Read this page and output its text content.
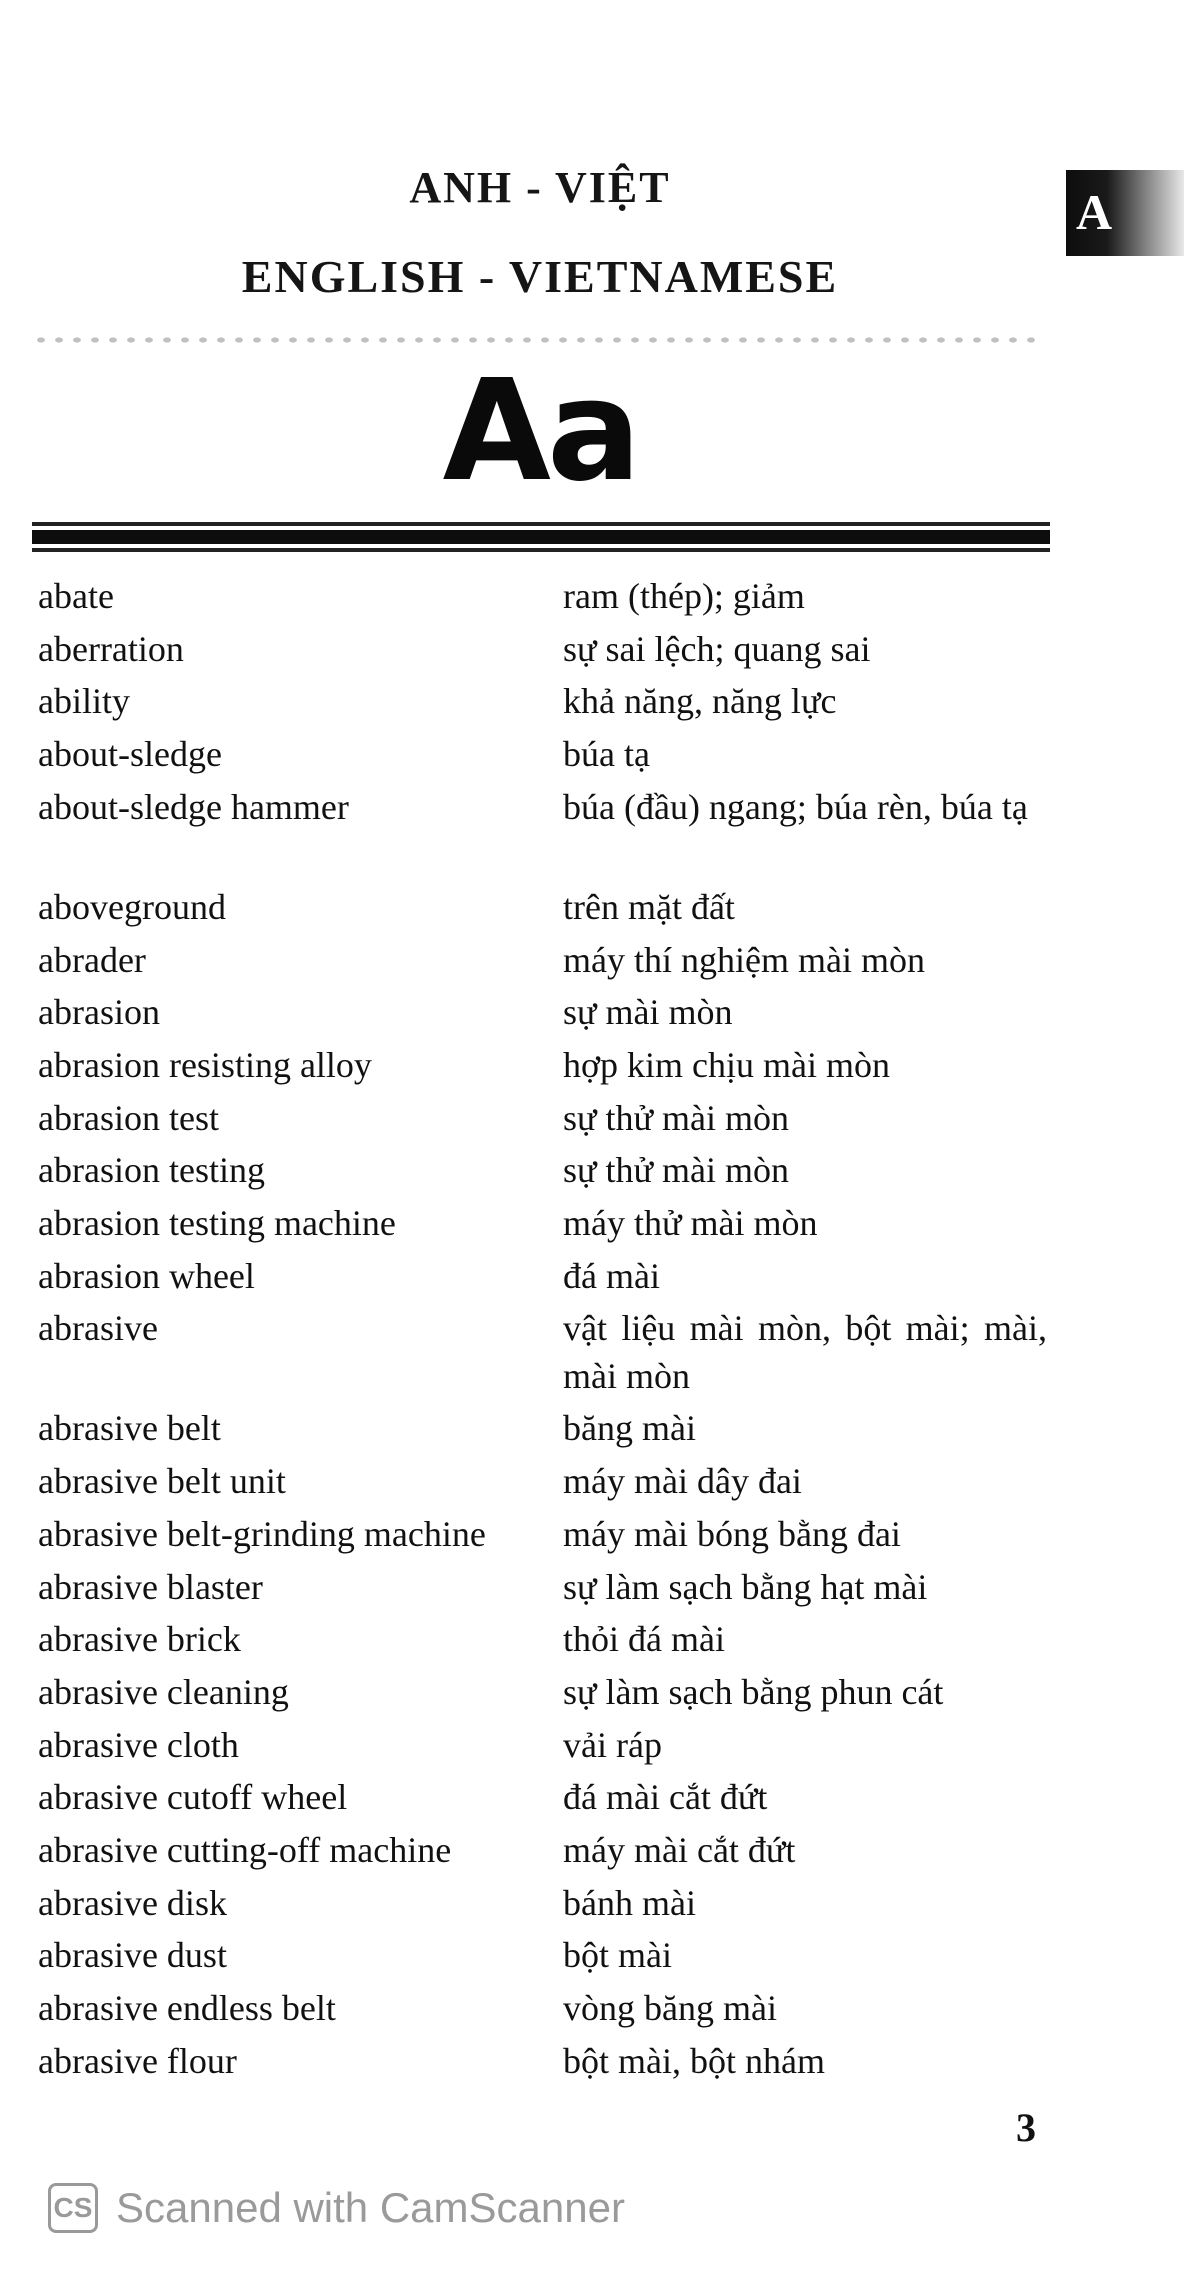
ANH - VIỆT
ENGLISH - VIETNAMESE
A
Aa
abate	ram (thép); giảm
aberration	sự sai lệch; quang sai
ability	khả năng, năng lực
about-sledge	búa tạ
about-sledge hammer	búa (đầu) ngang; búa rèn, búa tạ
aboveground	trên mặt đất
abrader	máy thí nghiệm mài mòn
abrasion	sự mài mòn
abrasion resisting alloy	hợp kim chịu mài mòn
abrasion test	sự thử mài mòn
abrasion testing	sự thử mài mòn
abrasion testing machine	máy thử mài mòn
abrasion wheel	đá mài
abrasive	vật liệu mài mòn, bột mài; mài, mài mòn
abrasive belt	băng mài
abrasive belt unit	máy mài dây đai
abrasive belt-grinding machine	máy mài bóng bằng đai
abrasive blaster	sự làm sạch bằng hạt mài
abrasive brick	thỏi đá mài
abrasive cleaning	sự làm sạch bằng phun cát
abrasive cloth	vải ráp
abrasive cutoff wheel	đá mài cắt đứt
abrasive cutting-off machine	máy mài cắt đứt
abrasive disk	bánh mài
abrasive dust	bột mài
abrasive endless belt	vòng băng mài
abrasive flour	bột mài, bột nhám
3
CS Scanned with CamScanner
